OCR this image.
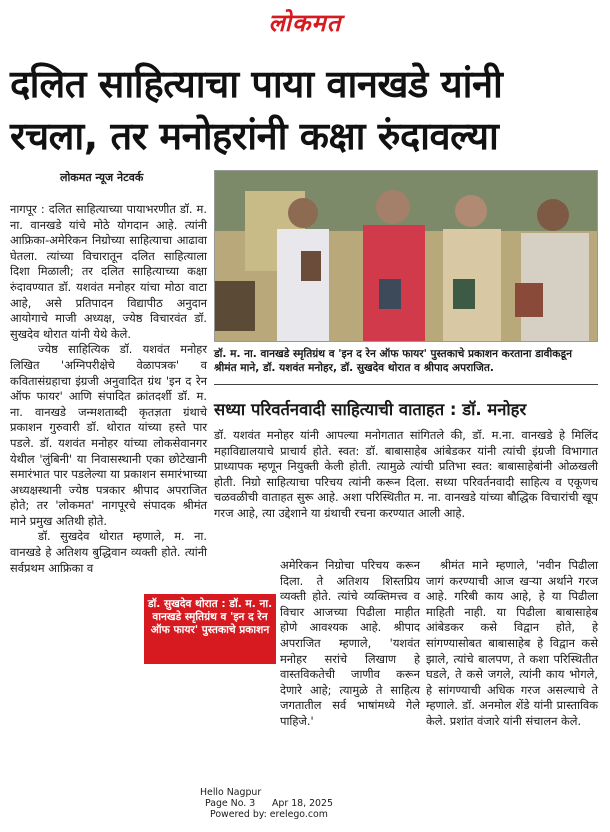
लोकमत
दलित साहित्याचा पाया वानखडे यांनी रचला, तर मनोहरांनी कक्षा रुंदावल्या
लोकमत न्यूज नेटवर्क

नागपूर : दलित साहित्याच्या पायाभरणीत डॉ. म. ना. वानखडे यांचे मोठे योगदान आहे. त्यांनी आफ्रिका-अमेरिकन निग्रोच्या साहित्याचा आढावा घेतला. त्यांच्या विचारातून दलित साहित्याला दिशा मिळाली; तर दलित साहित्याच्या कक्षा रुंदावण्यात डॉ. यशवंत मनोहर यांचा मोठा वाटा आहे, असे प्रतिपादन विद्यापीठ अनुदान आयोगाचे माजी अध्यक्ष, ज्येष्ठ विचारवंत डॉ. सुखदेव थोरात यांनी येथे केले.

ज्येष्ठ साहित्यिक डॉ. यशवंत मनोहर लिखित 'अग्निपरीक्षेचे वेळापत्रक' व कवितासंग्रहाचा इंग्रजी अनुवादित ग्रंथ 'इन द रेन ऑफ फायर' आणि संपादित क्रांतदर्शी डॉ. म. ना. वानखडे जन्मशताब्दी कृतज्ञता ग्रंथाचे प्रकाशन गुरुवारी डॉ. थोरात यांच्या हस्ते पार पडले. डॉ. यशवंत मनोहर यांच्या लोकसेवानगर येथील 'लुंबिनी' या निवासस्थानी एका छोटेखानी समारंभात पार पडलेल्या या प्रकाशन समारंभाच्या अध्यक्षस्थानी ज्येष्ठ पत्रकार श्रीपाद अपराजित होते; तर 'लोकमत' नागपूरचे संपादक श्रीमंत माने प्रमुख अतिथी होते.

डॉ. सुखदेव थोरात म्हणाले, म. ना. वानखडे हे अतिशय बुद्धिवान व्यक्ती होते. त्यांनी सर्वप्रथम आफ्रिका व

डॉ. म. ना. वानखडे स्मृतिग्रंथ व 'इन द रेन ऑफ फायर' पुस्तकाचे प्रकाशन करताना डावीकडून श्रीमंत माने, डॉ. यशवंत मनोहर, डॉ. सुखदेव थोरात व श्रीपाद अपराजित.
सध्या परिवर्तनवादी साहित्याची वाताहत : डॉ. मनोहर

डॉ. यशवंत मनोहर यांनी आपल्या मनोगतात सांगितले की, डॉ. म.ना. वानखडे हे मिलिंद महाविद्यालयाचे प्राचार्य होते. स्वत: डॉ. बाबासाहेब आंबेडकर यांनी त्यांची इंग्रजी विभागात प्राध्यापक म्हणून नियुक्ती केली होती. त्यामुळे त्यांची प्रतिभा स्वत: बाबासाहेबांनी ओळखली होती. निग्रो साहित्याचा परिचय त्यांनी करून दिला. सध्या परिवर्तनवादी साहित्य व एकूणच चळवळीची वाताहत सुरू आहे. अशा परिस्थितीत म. ना. वानखडे यांच्या बौद्धिक विचारांची खूप गरज आहे, त्या उद्देशाने या ग्रंथाची रचना करण्यात आली आहे.

डॉ. सुखदेव थोरात : डॉ. म. ना. वानखडे स्मृतिग्रंथ व 'इन द रेन ऑफ फायर' पुस्तकाचे प्रकाशन

अमेरिकन निग्रोचा परिचय करून दिला. ते अतिशय शिस्तप्रिय व्यक्ती होते. त्यांचे व्यक्तिमत्त्व व विचार आजच्या पिढीला माहीत होणे आवश्यक आहे. श्रीपाद अपराजित म्हणाले, 'यशवंत मनोहर सरांचे लिखाण हे वास्तविकतेची जाणीव करून देणारे आहे; त्यामुळे ते साहित्य जगतातील सर्व भाषांमध्ये गेले पाहिजे.'

श्रीमंत माने म्हणाले, 'नवीन पिढीला जागं करण्याची आज खऱ्या अर्थाने गरज आहे. गरिबी काय आहे, हे या पिढीला माहिती नाही. या पिढीला बाबासाहेब आंबेडकर कसे विद्वान होते, हे सांगण्यासोबत बाबासाहेब हे विद्वान कसे झाले, त्यांचे बालपण, ते कशा परिस्थितीत घडले, ते कसे जगले, त्यांनी काय भोगले, हे सांगण्याची अधिक गरज असल्याचे ते म्हणाले. डॉ. अनमोल शेंडे यांनी प्रास्ताविक केले. प्रशांत वंजारे यांनी संचालन केले.

Hello Nagpur
Page No. 3 Apr 18, 2025
Powered by: erelego.com
